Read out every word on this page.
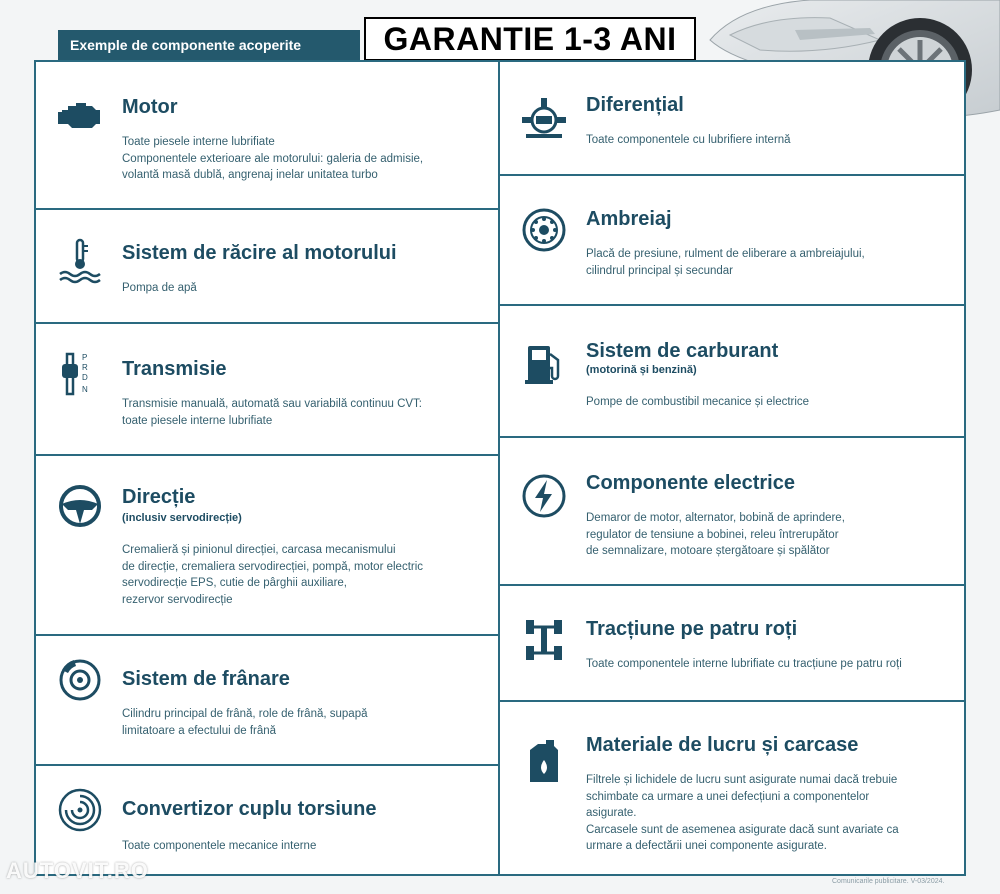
Exemple de componente acoperite	GARANTIE 1-3 ANI
Motor
Toate piesele interne lubrifiate
Componentele exterioare ale motorului: galeria de admisie,
volantă masă dublă, angrenaj inelar unitatea turbo
Sistem de răcire al motorului
Pompa de apă
P
R
D
N
Transmisie
Transmisie manuală, automată sau variabilă continuu CVT:
toate piesele interne lubrifiate
Direcție
(inclusiv servodirecție)
Cremalieră și pinionul direcției, carcasa mecanismului
de direcție, cremaliera servodirecției, pompă, motor electric
servodirecție EPS, cutie de pârghii auxiliare,
rezervor servodirecție
Sistem de frânare
Cilindru principal de frână, role de frână, supapă
limitatoare a efectului de frână
Convertizor cuplu torsiune
Toate componentele mecanice interne
Diferențial
Toate componentele cu lubrifiere internă
Ambreiaj
Placă de presiune, rulment de eliberare a ambreiajului,
cilindrul principal și secundar
Sistem de carburant
(motorină și benzină)
Pompe de combustibil mecanice și electrice
Componente electrice
Demaror de motor, alternator, bobină de aprindere,
regulator de tensiune a bobinei, releu întrerupător
de semnalizare, motoare ștergătoare și spălător
Tracțiune pe patru roți
Toate componentele interne lubrifiate cu tracțiune pe patru roți
Materiale de lucru și carcase
Filtrele și lichidele de lucru sunt asigurate numai dacă trebuie
schimbate ca urmare a unei defecțiuni a componentelor
asigurate.
Carcasele sunt de asemenea asigurate dacă sunt avariate ca
urmare a defectării unei componente asigurate.
AUTOVIT.RO	Comunicarile publicitare. V-03/2024.
